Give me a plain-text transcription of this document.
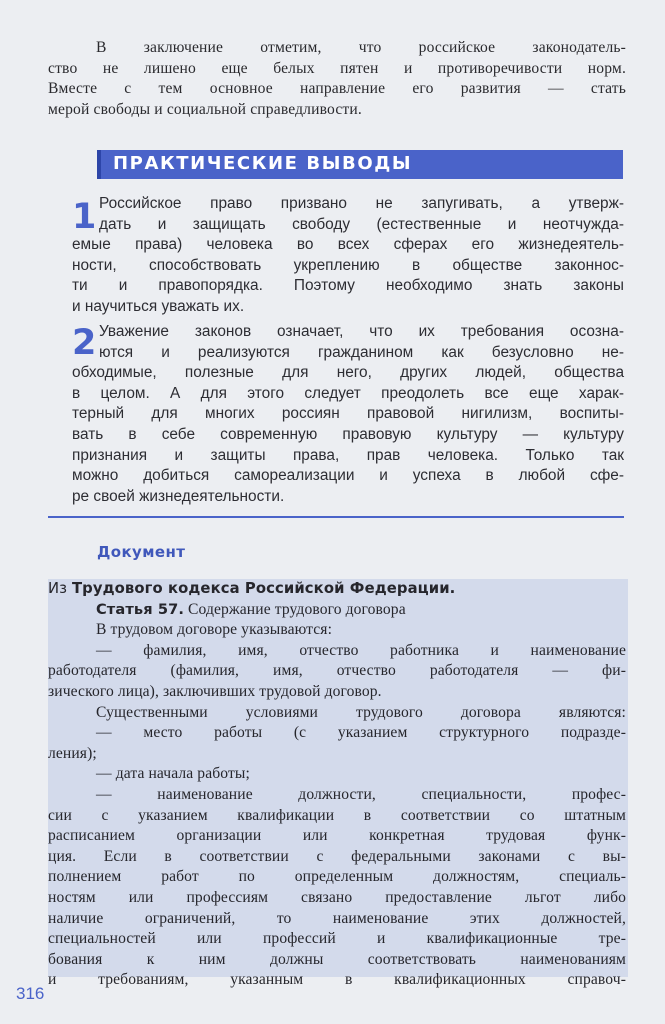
В заключение отметим, что российское законодатель-
ство не лишено еще белых пятен и противоречивости норм.
Вместе с тем основное направление его развития — стать
мерой свободы и социальной справедливости.
ПРАКТИЧЕСКИЕ ВЫВОДЫ
1 Российское право призвано не запугивать, а утверж-
дать и защищать свободу (естественные и неотчужда-
емые права) человека во всех сферах его жизнедеятель-
ности, способствовать укреплению в обществе законнос-
ти и правопорядка. Поэтому необходимо знать законы
и научиться уважать их.
2 Уважение законов означает, что их требования осозна-
ются и реализуются гражданином как безусловно не-
обходимые, полезные для него, других людей, общества
в целом. А для этого следует преодолеть все еще харак-
терный для многих россиян правовой нигилизм, воспиты-
вать в себе современную правовую культуру — культуру
признания и защиты права, прав человека. Только так
можно добиться самореализации и успеха в любой сфе-
ре своей жизнедеятельности.
Документ
Из Трудового кодекса Российской Федерации.
Статья 57. Содержание трудового договора
В трудовом договоре указываются:
— фамилия, имя, отчество работника и наименование
работодателя (фамилия, имя, отчество работодателя — фи-
зического лица), заключивших трудовой договор.
Существенными условиями трудового договора являются:
— место работы (с указанием структурного подразде-
ления);
— дата начала работы;
— наименование должности, специальности, профес-
сии с указанием квалификации в соответствии со штатным
расписанием организации или конкретная трудовая функ-
ция. Если в соответствии с федеральными законами с вы-
полнением работ по определенным должностям, специаль-
ностям или профессиям связано предоставление льгот либо
наличие ограничений, то наименование этих должностей,
специальностей или профессий и квалификационные тре-
бования к ним должны соответствовать наименованиям
и требованиям, указанным в квалификационных справоч-
316
